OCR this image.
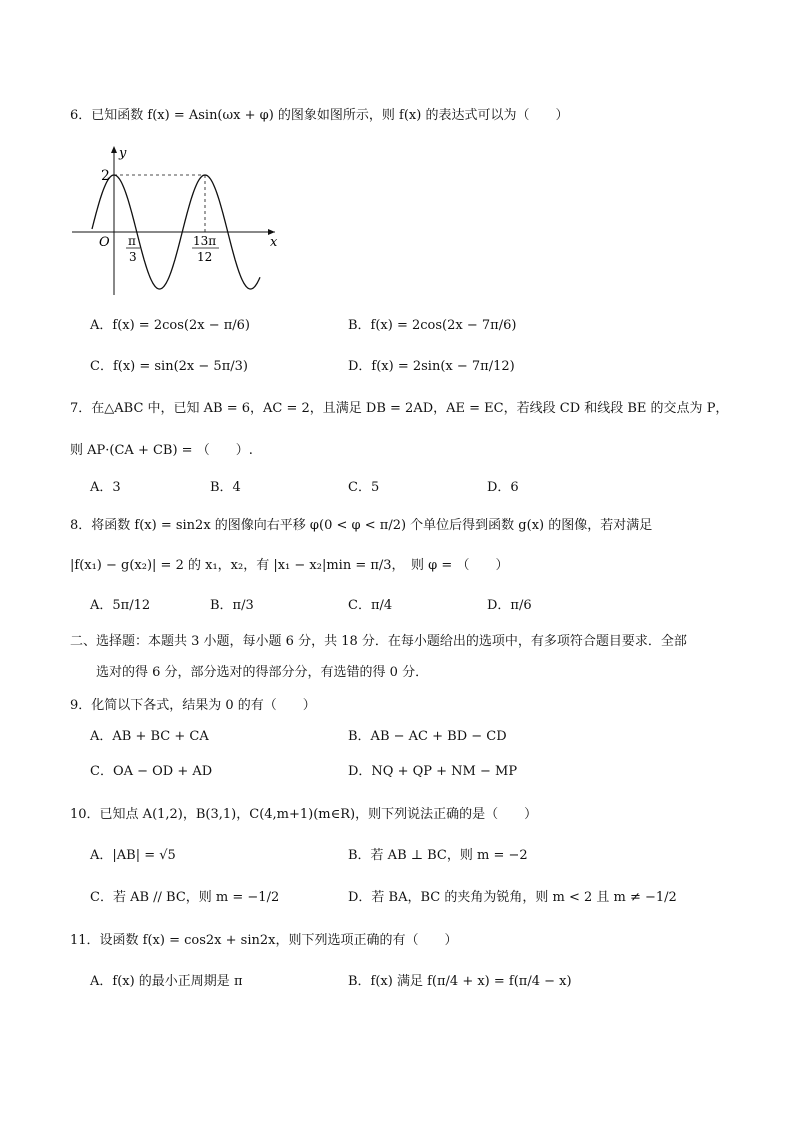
6．已知函数 f(x) = Asin(ωx + φ) 的图象如图所示，则 f(x) 的表达式可以为（　　）
y
x
O
2
π
3
13π
12
A．f(x) = 2cos(2x − π/6)	B．f(x) = 2cos(2x − 7π/6)
C．f(x) = sin(2x − 5π/3)	D．f(x) = 2sin(x − 7π/12)
7．在△ABC 中，已知 AB = 6，AC = 2，且满足 DB = 2AD，AE = EC，若线段 CD 和线段 BE 的交点为 P，
则 AP·(CA + CB) = （　　）.
A．3	B．4	C．5	D．6
8．将函数 f(x) = sin2x 的图像向右平移 φ(0 < φ < π/2) 个单位后得到函数 g(x) 的图像，若对满足
|f(x₁) − g(x₂)| = 2 的 x₁，x₂，有 |x₁ − x₂|min = π/3，　则 φ = （　　）
A．5π/12	B．π/3	C．π/4	D．π/6
二、选择题：本题共 3 小题，每小题 6 分，共 18 分．在每小题给出的选项中，有多项符合题目要求．全部
选对的得 6 分，部分选对的得部分分，有选错的得 0 分．
9．化简以下各式，结果为 0 的有（　　）
A．AB + BC + CA	B．AB − AC + BD − CD
C．OA − OD + AD	D．NQ + QP + NM − MP
10．已知点 A(1,2)，B(3,1)，C(4,m+1)(m∈R)，则下列说法正确的是（　　）
A．|AB| = √5	B．若 AB ⊥ BC，则 m = −2
C．若 AB // BC，则 m = −1/2	D．若 BA，BC 的夹角为锐角，则 m < 2 且 m ≠ −1/2
11．设函数 f(x) = cos2x + sin2x，则下列选项正确的有（　　）
A．f(x) 的最小正周期是 π	B．f(x) 满足 f(π/4 + x) = f(π/4 − x)
